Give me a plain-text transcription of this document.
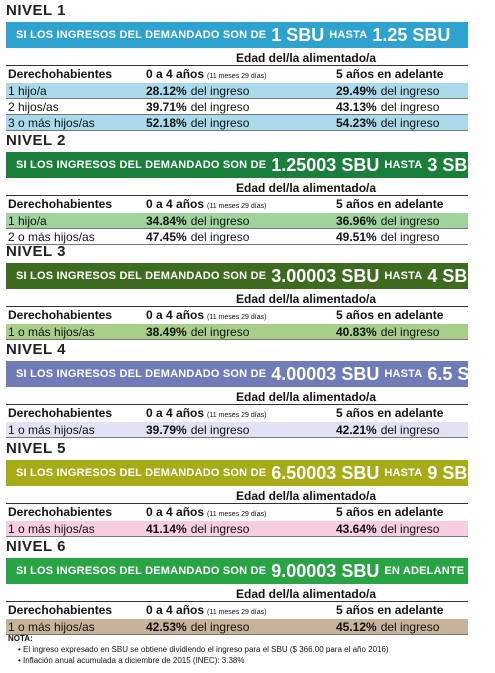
NIVEL 1
SI LOS INGRESOS DEL DEMANDADO SON DE 1 SBU HASTA 1.25 SBU
Edad del/la alimentado/a
Derechohabientes	0 a 4 años (11 meses 29 días)	5 años en adelante
1 hijo/a	28.12% del ingreso	29.49% del ingreso
2 hijos/as	39.71% del ingreso	43.13% del ingreso
3 o más hijos/as	52.18% del ingreso	54.23% del ingreso
NIVEL 2
SI LOS INGRESOS DEL DEMANDADO SON DE 1.25003 SBU HASTA 3 SBU
Edad del/la alimentado/a
Derechohabientes	0 a 4 años (11 meses 29 días)	5 años en adelante
1 hijo/a	34.84% del ingreso	36.96% del ingreso
2 o más hijos/as	47.45% del ingreso	49.51% del ingreso
NIVEL 3
SI LOS INGRESOS DEL DEMANDADO SON DE 3.00003 SBU HASTA 4 SBU
Edad del/la alimentado/a
Derechohabientes	0 a 4 años (11 meses 29 días)	5 años en adelante
1 o más hijos/as	38.49% del ingreso	40.83% del ingreso
NIVEL 4
SI LOS INGRESOS DEL DEMANDADO SON DE 4.00003 SBU HASTA 6.5 SBU
Edad del/la alimentado/a
Derechohabientes	0 a 4 años (11 meses 29 días)	5 años en adelante
1 o más hijos/as	39.79% del ingreso	42.21% del ingreso
NIVEL 5
SI LOS INGRESOS DEL DEMANDADO SON DE 6.50003 SBU HASTA 9 SBU
Edad del/la alimentado/a
Derechohabientes	0 a 4 años (11 meses 29 días)	5 años en adelante
1 o más hijos/as	41.14% del ingreso	43.64% del ingreso
NIVEL 6
SI LOS INGRESOS DEL DEMANDADO SON DE 9.00003 SBU EN ADELANTE
Edad del/la alimentado/a
Derechohabientes	0 a 4 años (11 meses 29 días)	5 años en adelante
1 o más hijos/as	42.53% del ingreso	45.12% del ingreso
NOTA:
• El ingreso expresado en SBU se obtiene dividiendo el ingreso para el SBU ($ 366.00 para el año 2016)
• Inflación anual acumulada a diciembre de 2015 (INEC): 3.38%
